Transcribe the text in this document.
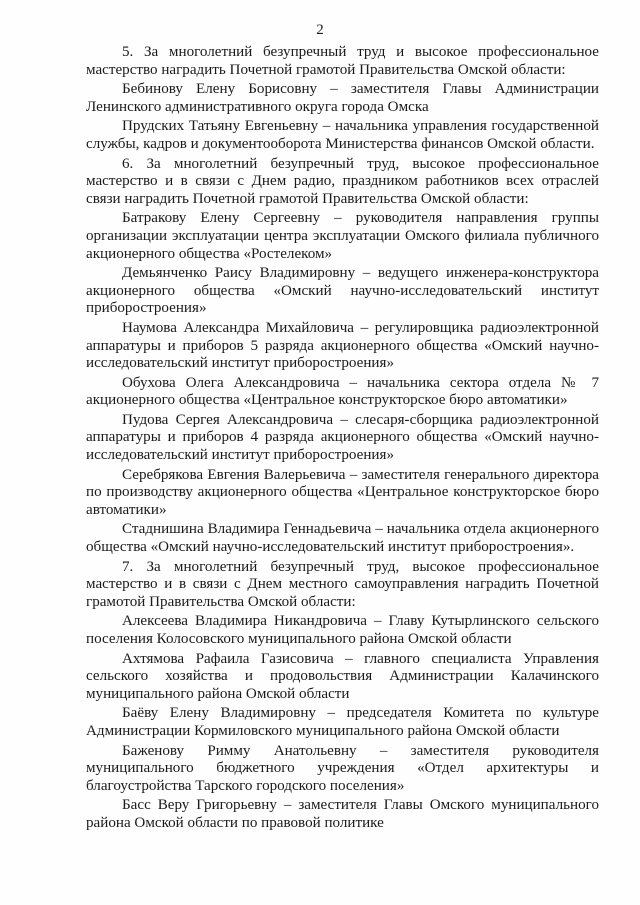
2

5. За многолетний безупречный труд и высокое профессиональное мастерство наградить Почетной грамотой Правительства Омской области:

Бебинову Елену Борисовну – заместителя Главы Администрации Ленинского административного округа города Омска

Прудских Татьяну Евгеньевну – начальника управления государственной службы, кадров и документооборота Министерства финансов Омской области.

6. За многолетний безупречный труд, высокое профессиональное мастерство и в связи с Днем радио, праздником работников всех отраслей связи наградить Почетной грамотой Правительства Омской области:

Батракову Елену Сергеевну – руководителя направления группы организации эксплуатации центра эксплуатации Омского филиала публичного акционерного общества «Ростелеком»

Демьянченко Раису Владимировну – ведущего инженера-конструктора акционерного общества «Омский научно-исследовательский институт приборостроения»

Наумова Александра Михайловича – регулировщика радиоэлектронной аппаратуры и приборов 5 разряда акционерного общества «Омский научно-исследовательский институт приборостроения»

Обухова Олега Александровича – начальника сектора отдела № 7 акционерного общества «Центральное конструкторское бюро автоматики»

Пудова Сергея Александровича – слесаря-сборщика радиоэлектронной аппаратуры и приборов 4 разряда акционерного общества «Омский научно-исследовательский институт приборостроения»

Серебрякова Евгения Валерьевича – заместителя генерального директора по производству акционерного общества «Центральное конструкторское бюро автоматики»

Стаднишина Владимира Геннадьевича – начальника отдела акционерного общества «Омский научно-исследовательский институт приборостроения».

7. За многолетний безупречный труд, высокое профессиональное мастерство и в связи с Днем местного самоуправления наградить Почетной грамотой Правительства Омской области:

Алексеева Владимира Никандровича – Главу Кутырлинского сельского поселения Колосовского муниципального района Омской области

Ахтямова Рафаила Газисовича – главного специалиста Управления сельского хозяйства и продовольствия Администрации Калачинского муниципального района Омской области

Баёву Елену Владимировну – председателя Комитета по культуре Администрации Кормиловского муниципального района Омской области

Баженову Римму Анатольевну – заместителя руководителя муниципального бюджетного учреждения «Отдел архитектуры и благоустройства Тарского городского поселения»

Басс Веру Григорьевну – заместителя Главы Омского муниципального района Омской области по правовой политике
